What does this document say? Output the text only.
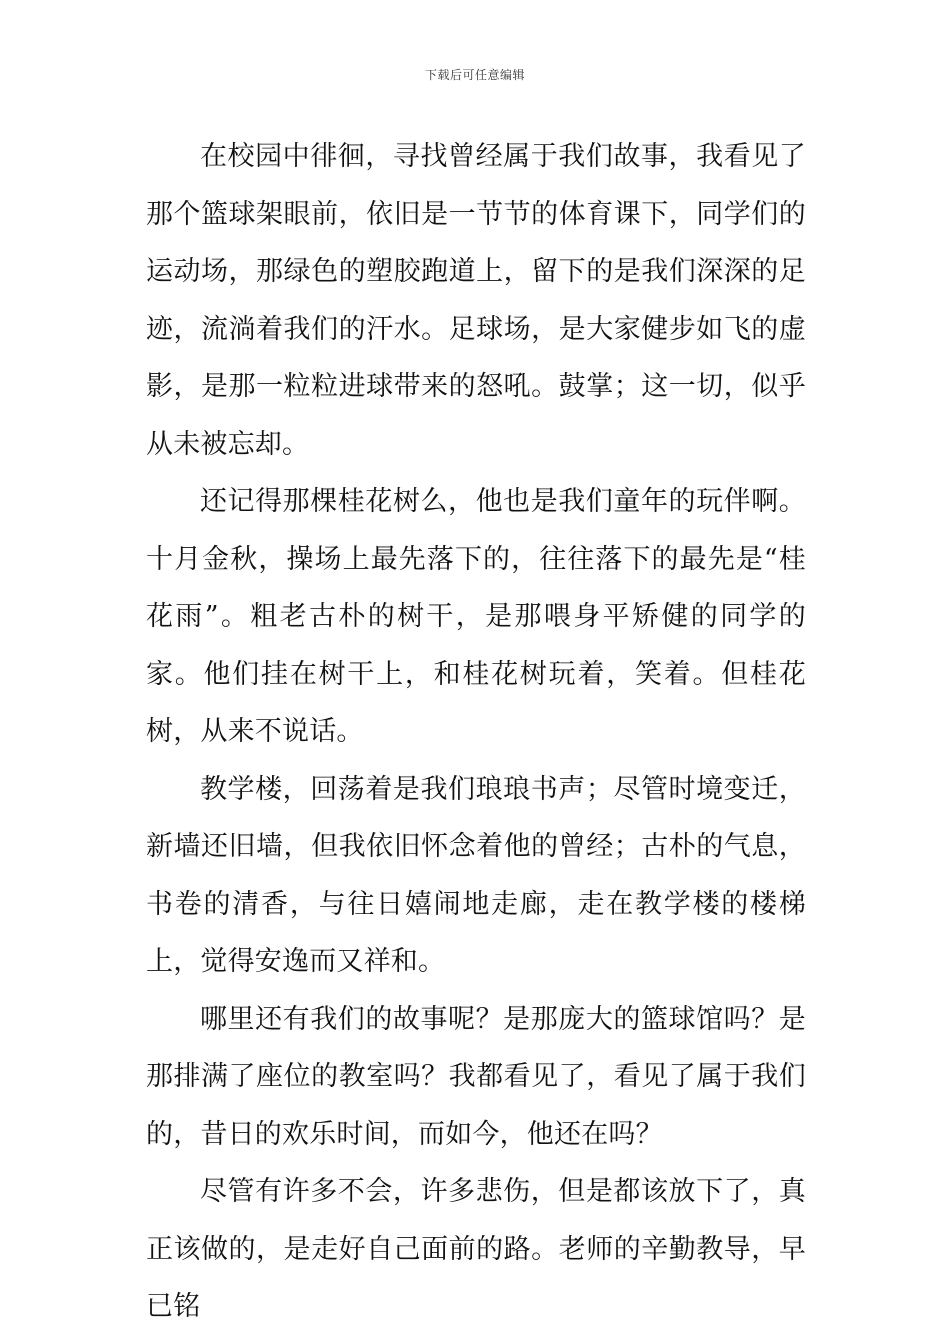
下载后可任意编辑

在校园中徘徊，寻找曾经属于我们故事，我看见了那个篮球架眼前，依旧是一节节的体育课下，同学们的运动场，那绿色的塑胶跑道上，留下的是我们深深的足迹，流淌着我们的汗水。足球场，是大家健步如飞的虚影，是那一粒粒进球带来的怒吼。鼓掌；这一切，似乎从未被忘却。

还记得那棵桂花树么，他也是我们童年的玩伴啊。十月金秋，操场上最先落下的，往往落下的最先是“桂花雨”。粗老古朴的树干，是那喂身平矫健的同学的家。他们挂在树干上，和桂花树玩着，笑着。但桂花树，从来不说话。

教学楼，回荡着是我们琅琅书声；尽管时境变迁，新墙还旧墙，但我依旧怀念着他的曾经；古朴的气息，书卷的清香，与往日嬉闹地走廊，走在教学楼的楼梯上，觉得安逸而又祥和。

哪里还有我们的故事呢？是那庞大的篮球馆吗？是那排满了座位的教室吗？我都看见了，看见了属于我们的，昔日的欢乐时间，而如今，他还在吗？

尽管有许多不会，许多悲伤，但是都该放下了，真正该做的，是走好自己面前的路。老师的辛勤教导，早已铭
